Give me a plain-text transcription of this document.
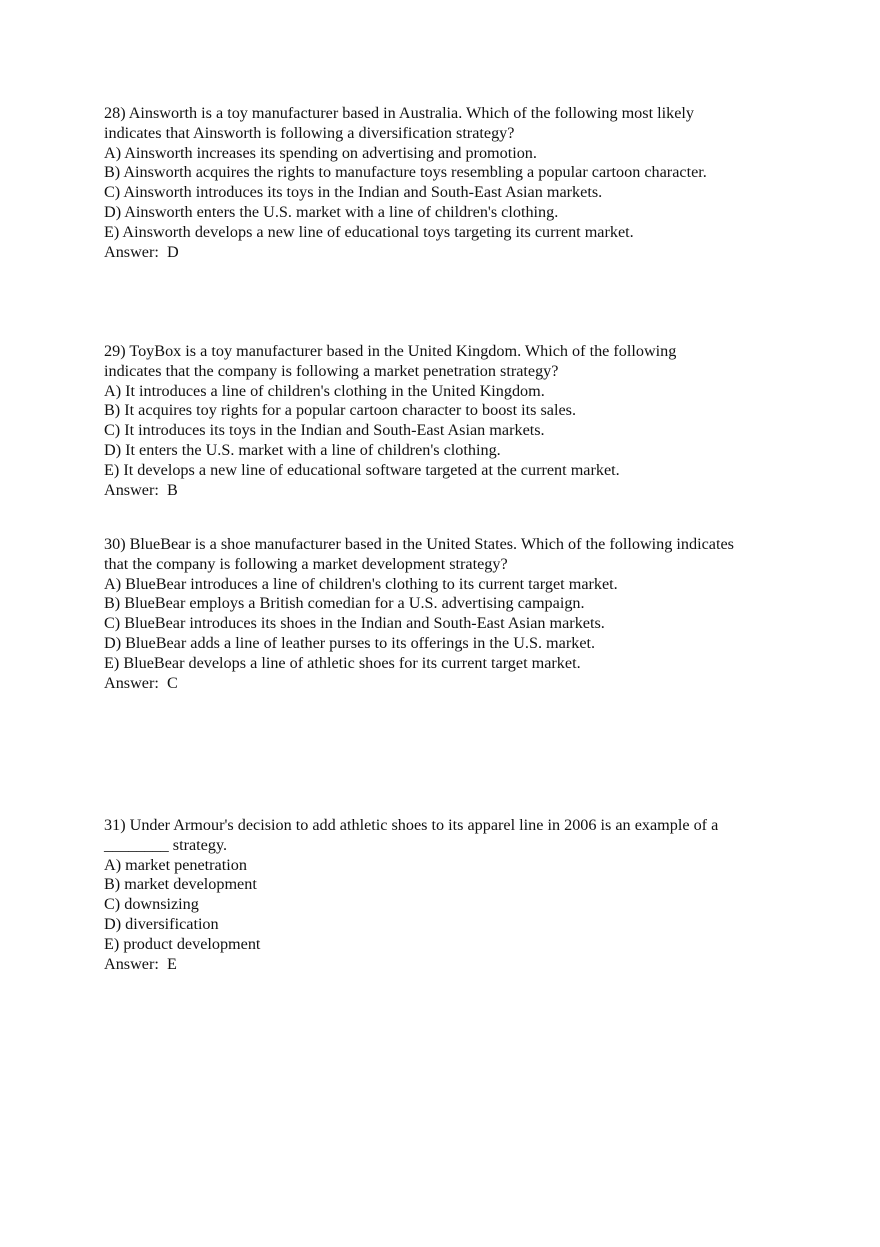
28) Ainsworth is a toy manufacturer based in Australia. Which of the following most likely
indicates that Ainsworth is following a diversification strategy?
A) Ainsworth increases its spending on advertising and promotion.
B) Ainsworth acquires the rights to manufacture toys resembling a popular cartoon character.
C) Ainsworth introduces its toys in the Indian and South-East Asian markets.
D) Ainsworth enters the U.S. market with a line of children's clothing.
E) Ainsworth develops a new line of educational toys targeting its current market.
Answer:  D
29) ToyBox is a toy manufacturer based in the United Kingdom. Which of the following
indicates that the company is following a market penetration strategy?
A) It introduces a line of children's clothing in the United Kingdom.
B) It acquires toy rights for a popular cartoon character to boost its sales.
C) It introduces its toys in the Indian and South-East Asian markets.
D) It enters the U.S. market with a line of children's clothing.
E) It develops a new line of educational software targeted at the current market.
Answer:  B
30) BlueBear is a shoe manufacturer based in the United States. Which of the following indicates
that the company is following a market development strategy?
A) BlueBear introduces a line of children's clothing to its current target market.
B) BlueBear employs a British comedian for a U.S. advertising campaign.
C) BlueBear introduces its shoes in the Indian and South-East Asian markets.
D) BlueBear adds a line of leather purses to its offerings in the U.S. market.
E) BlueBear develops a line of athletic shoes for its current target market.
Answer:  C
31) Under Armour's decision to add athletic shoes to its apparel line in 2006 is an example of a
________ strategy.
A) market penetration
B) market development
C) downsizing
D) diversification
E) product development
Answer:  E
